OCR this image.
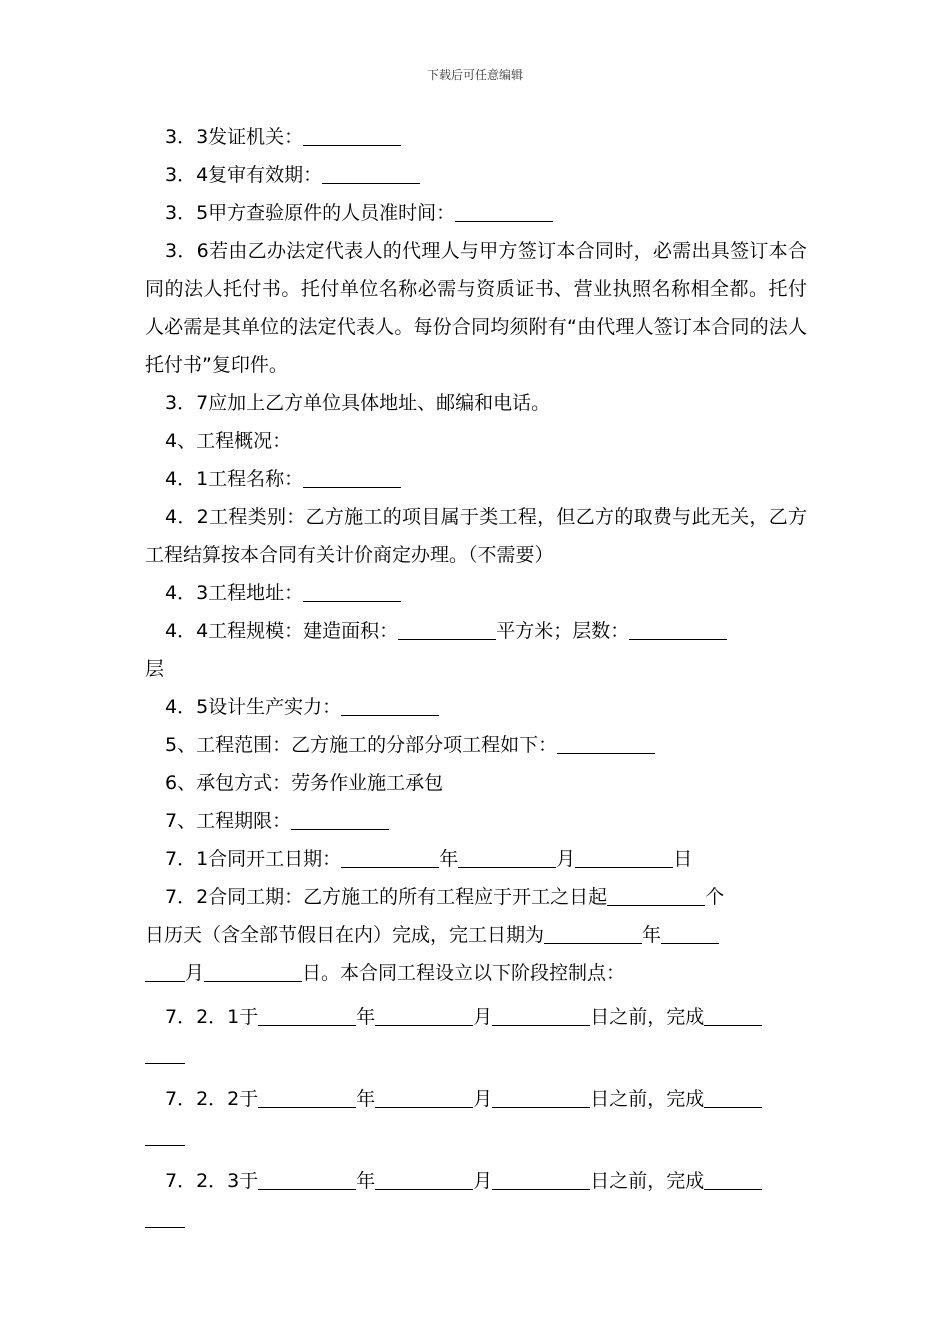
下载后可任意编辑
3．3发证机关：
3．4复审有效期：
3．5甲方查验原件的人员准时间：
3．6若由乙办法定代表人的代理人与甲方签订本合同时，必需出具签订本合同的法人托付书。托付单位名称必需与资质证书、营业执照名称相全都。托付人必需是其单位的法定代表人。每份合同均须附有“由代理人签订本合同的法人托付书”复印件。
3．7应加上乙方单位具体地址、邮编和电话。
4、工程概况：
4．1工程名称：
4．2工程类别：乙方施工的项目属于类工程，但乙方的取费与此无关，乙方工程结算按本合同有关计价商定办理。（不需要）
4．3工程地址：
4．4工程规模：建造面积：	平方米；层数：
层
4．5设计生产实力：
5、工程范围：乙方施工的分部分项工程如下：
6、承包方式：劳务作业施工承包
7、工程期限：
7．1合同开工日期：	年	月	日
7．2合同工期：乙方施工的所有工程应于开工之日起	个
日历天（含全部节假日在内）完成，完工日期为	年
月	日。本合同工程设立以下阶段控制点：
7．2．1于	年	月	日之前，完成
7．2．2于	年	月	日之前，完成
7．2．3于	年	月	日之前，完成
